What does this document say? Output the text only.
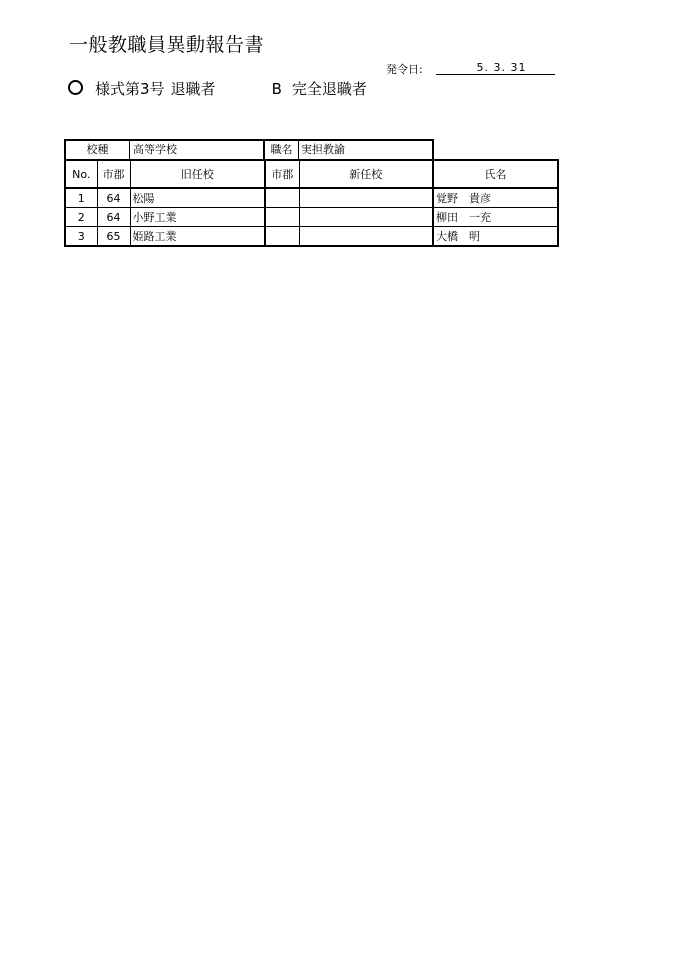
一般教職員異動報告書
発令日:	5. 3. 31
様式第3号 退職者	B 完全退職者
校種	高等学校	職名 実担教諭
No.	市郡	旧任校	市郡	新任校	氏名
1	64	松陽			覚野　貴彦
2	64	小野工業			柳田　一充
3	65	姫路工業			大橋　明
